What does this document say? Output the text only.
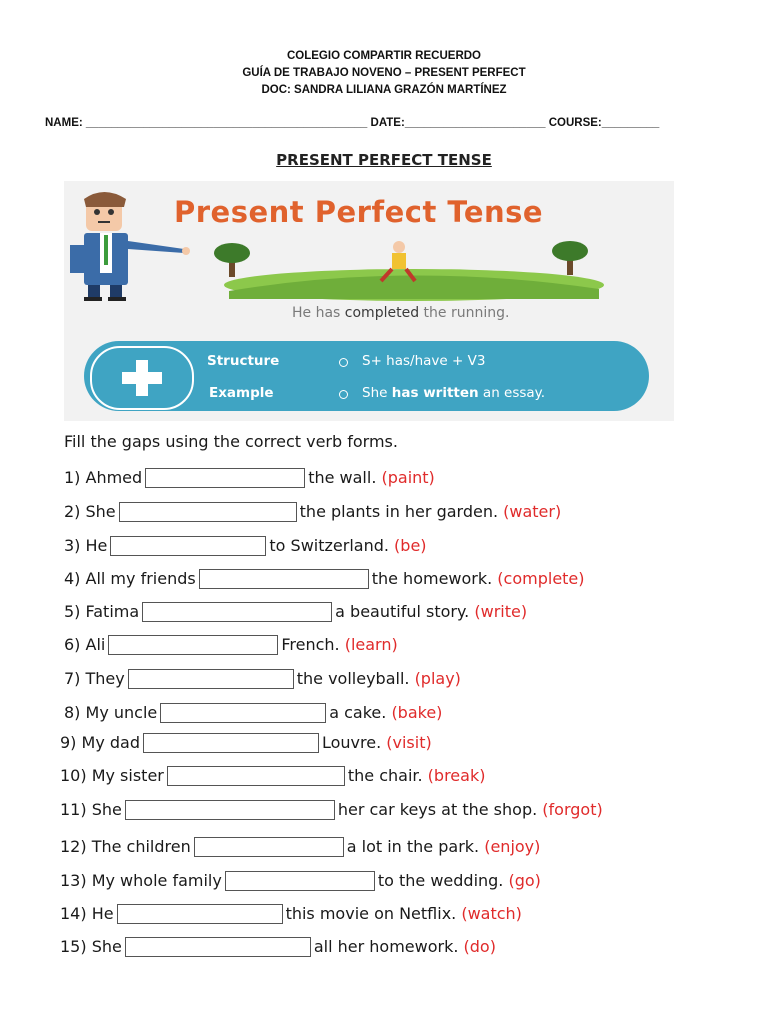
COLEGIO COMPARTIR RECUERDO
GUÍA DE TRABAJO NOVENO – PRESENT PERFECT
DOC: SANDRA LILIANA GRAZÓN MARTÍNEZ
NAME: ____________________________________________ DATE:______________________ COURSE:_________
PRESENT PERFECT TENSE
Present Perfect Tense
He has completed the running.
Structure	S+ has/have + V3
Example	She has written an essay.
Fill the gaps using the correct verb forms.
1) Ahmed	the wall. (paint)
2) She	the plants in her garden. (water)
3) He	to Switzerland. (be)
4) All my friends	the homework. (complete)
5) Fatima	a beautiful story. (write)
6) Ali	French. (learn)
7) They	the volleyball. (play)
8) My uncle	a cake. (bake)
9) My dad	Louvre. (visit)
10) My sister	the chair. (break)
11) She	her car keys at the shop. (forgot)
12) The children	a lot in the park. (enjoy)
13) My whole family	to the wedding. (go)
14) He	this movie on Netflix. (watch)
15) She	all her homework. (do)
